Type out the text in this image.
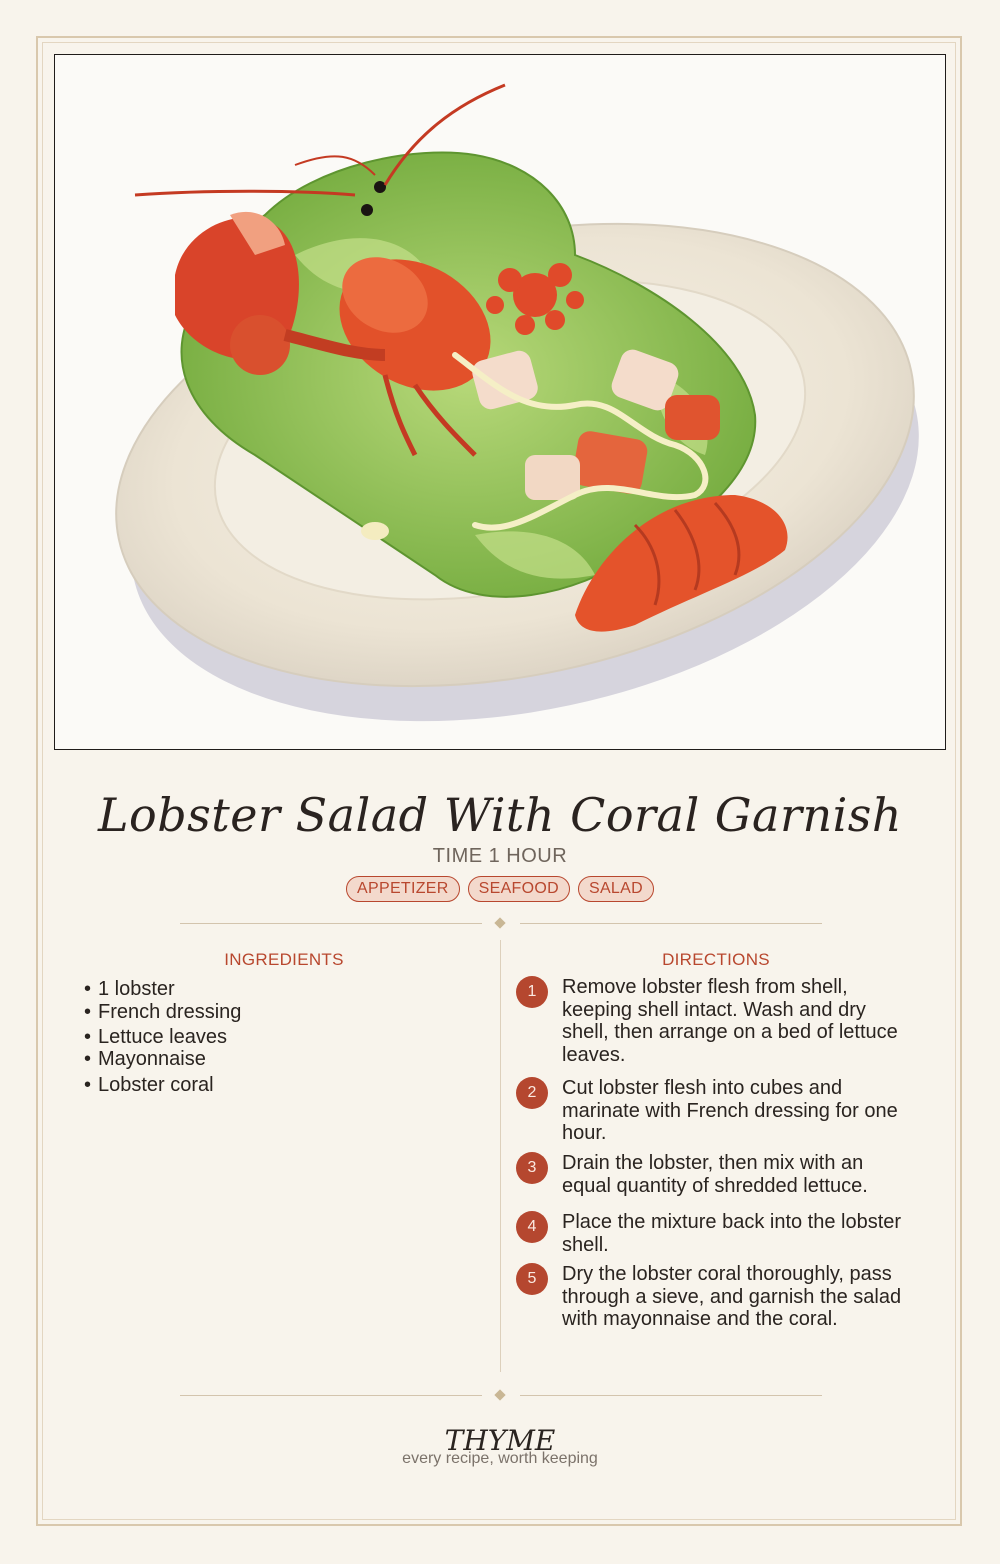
Lobster Salad With Coral Garnish
TIME 1 HOUR
APPETIZER SEAFOOD SALAD
INGREDIENTS	DIRECTIONS
• 1 lobster
• French dressing
• Lettuce leaves
• Mayonnaise
• Lobster coral
1	Remove lobster flesh from shell, keeping shell intact. Wash and dry shell, then arrange on a bed of lettuce leaves.
2	Cut lobster flesh into cubes and marinate with French dressing for one hour.
3	Drain the lobster, then mix with an equal quantity of shredded lettuce.
4	Place the mixture back into the lobster shell.
5	Dry the lobster coral thoroughly, pass through a sieve, and garnish the salad with mayonnaise and the coral.
THYME
every recipe, worth keeping
